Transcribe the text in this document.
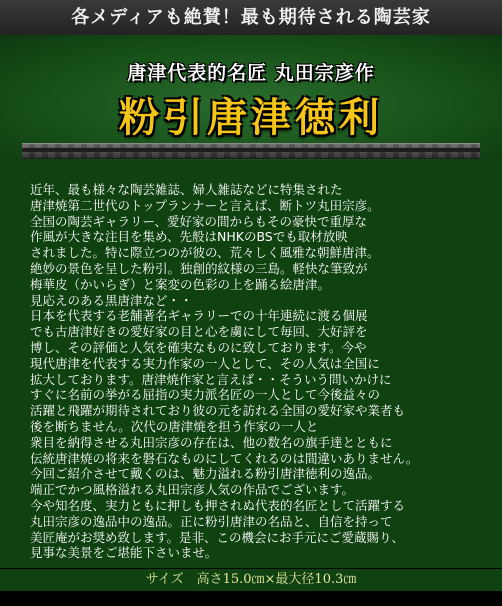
各メディアも絶賛！最も期待される陶芸家
唐津代表的名匠 丸田宗彦作
粉引唐津徳利

近年、最も様々な陶芸雑誌、婦人雑誌などに特集された
唐津焼第二世代のトップランナーと言えば、断トツ丸田宗彦。
全国の陶芸ギャラリー、愛好家の間からもその豪快で重厚な
作風が大きな注目を集め、先般はNHKのBSでも取材放映
されました。特に際立つのが彼の、荒々しく風雅な朝鮮唐津。
絶妙の景色を呈した粉引。独創的紋様の三島。軽快な筆致が
梅華皮（かいらぎ）と案変の色彩の上を踊る絵唐津。
見応えのある黒唐津など・・
日本を代表する老舗著名ギャラリーでの十年連続に渡る個展
でも古唐津好きの愛好家の目と心を虜にして毎回、大好評を
博し、その評価と人気を確実なものに致しております。今や
現代唐津を代表する実力作家の一人として、その人気は全国に
拡大しております。唐津焼作家と言えば・・そういう問いかけに
すぐに名前の挙がる屈指の実力派名匠の一人として今後益々の
活躍と飛躍が期待されており彼の元を訪れる全国の愛好家や業者も
後を断ちません。次代の唐津焼を担う作家の一人と
衆目を納得させる丸田宗彦の存在は、他の数名の旗手達とともに
伝統唐津焼の将来を磐石なものにしてくれるのは間違いありません。
今回ご紹介させて戴くのは、魅力溢れる粉引唐津徳利の逸品。
端正でかつ風格溢れる丸田宗彦人気の作品でございます。
今や知名度、実力ともに押しも押されぬ代表的名匠として活躍する
丸田宗彦の逸品中の逸品。正に粉引唐津の名品と、自信を持って
美匠庵がお奨め致します。是非、この機会にお手元にご愛蔵賜り、
見事な美景をご堪能下さいませ。

サイズ　高さ15.0㎝×最大径10.3㎝
